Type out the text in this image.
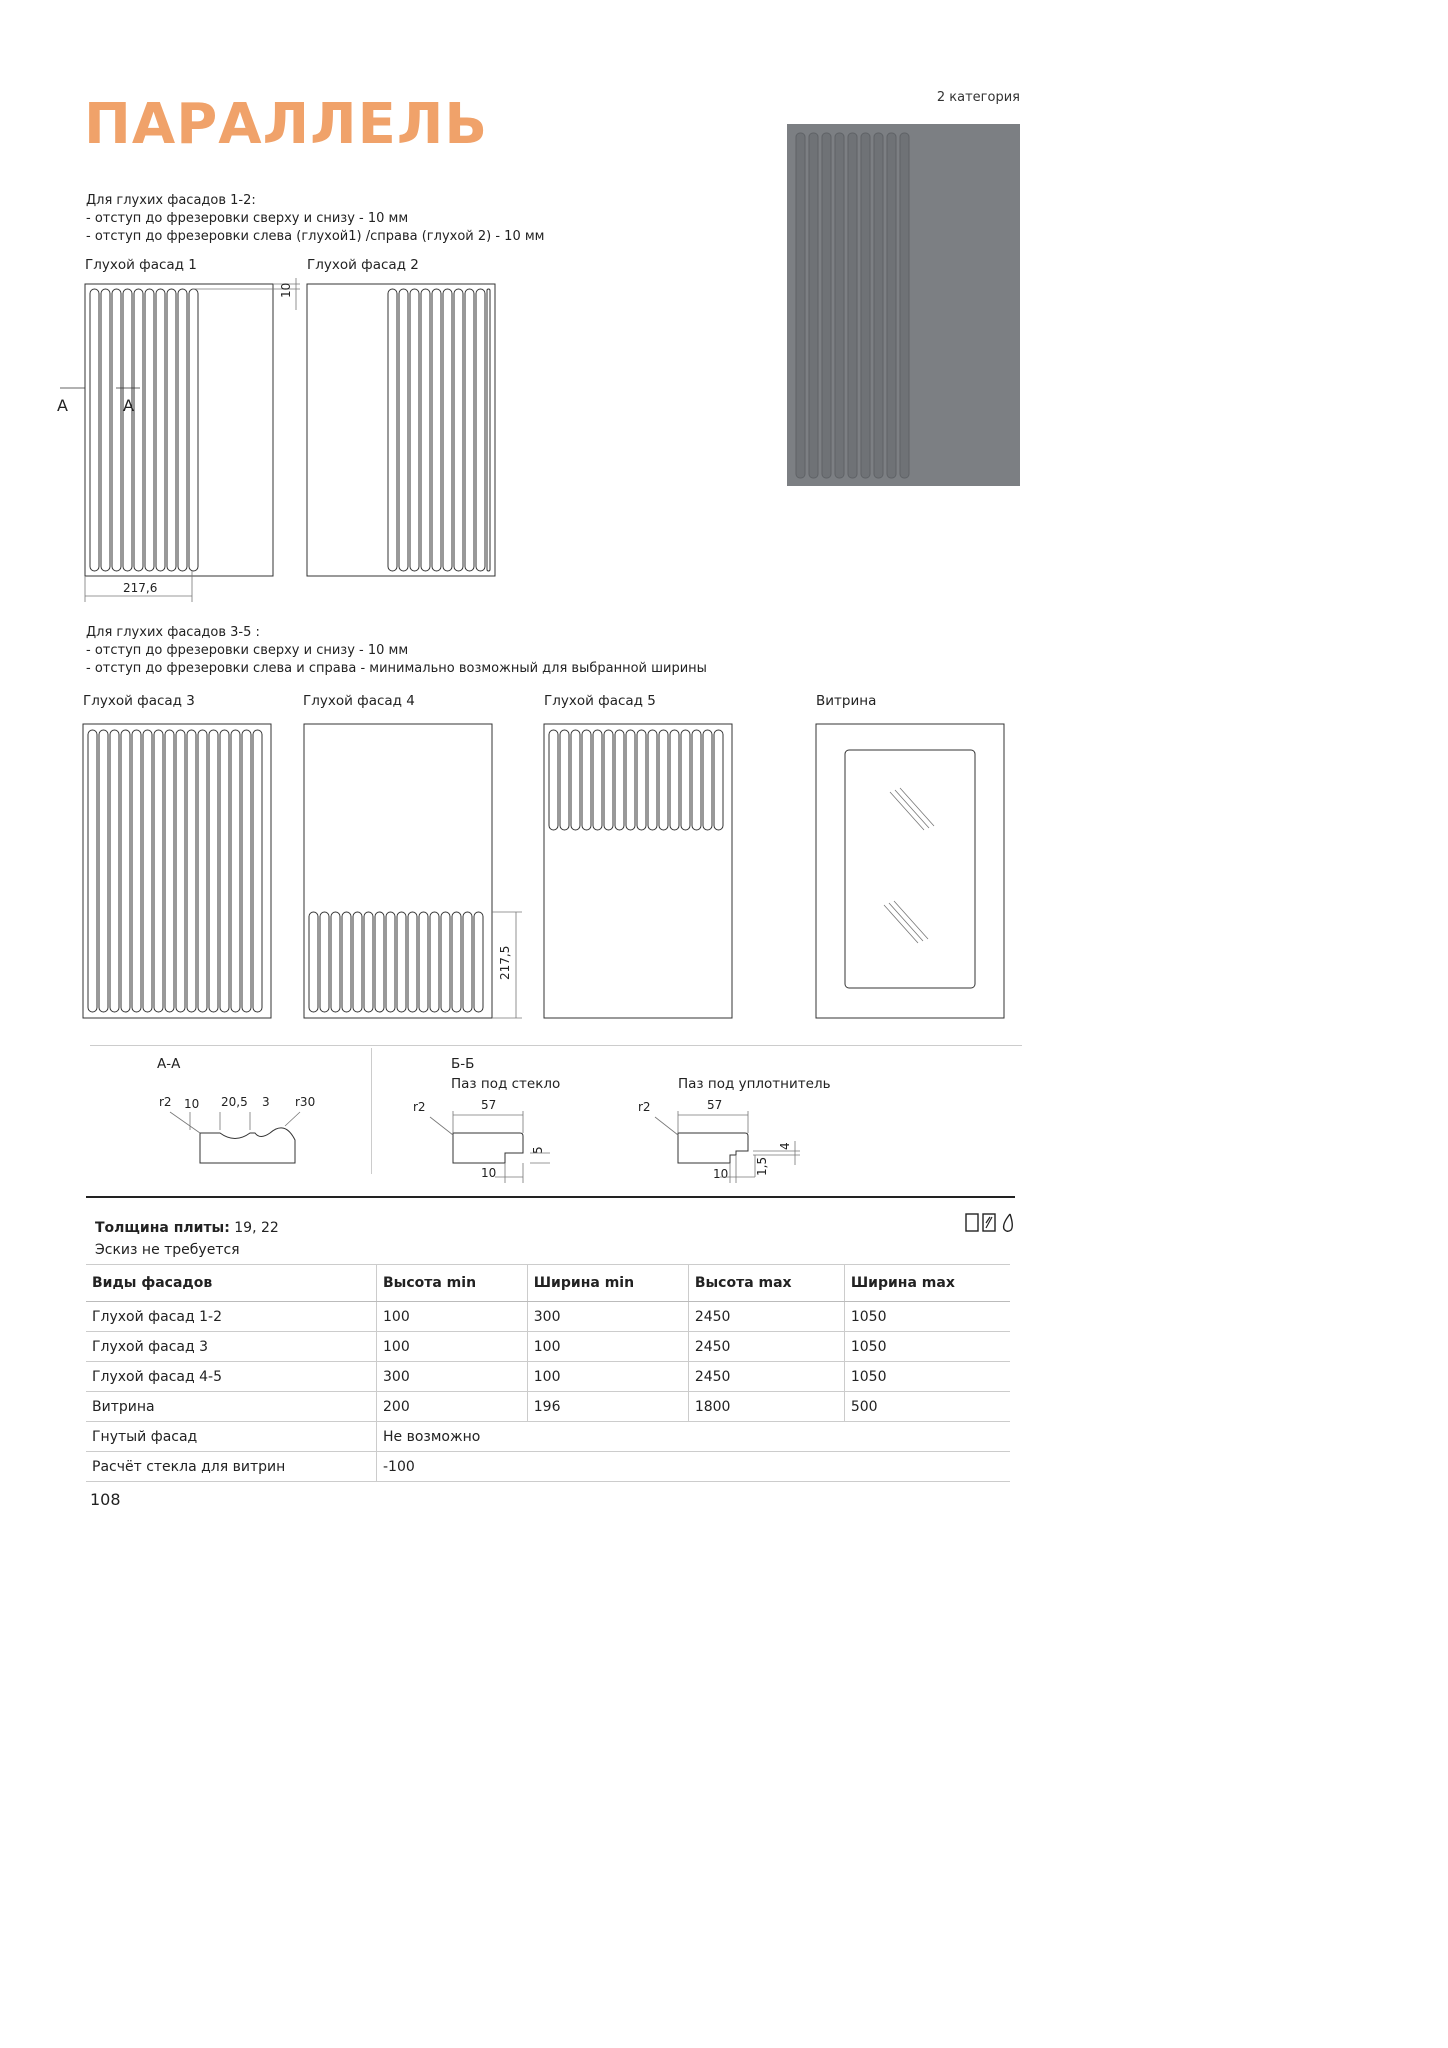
ПАРАЛЛЕЛЬ	2 категория
Для глухих фасадов 1-2:
- отступ до фрезеровки сверху и снизу - 10 мм
- отступ до фрезеровки слева (глухой1) /справа (глухой 2) - 10 мм
Глухой фасад 1	Глухой фасад 2
10
A	A
217,6
Для глухих фасадов 3-5 :
- отступ до фрезеровки сверху и снизу - 10 мм
- отступ до фрезеровки слева и справа - минимально возможный для выбранной ширины
Глухой фасад 3	Глухой фасад 4	Глухой фасад 5	Витрина
217,5
А-А
r2 10 20,5 3 r30
Б-Б
Паз под стекло	Паз под уплотнитель
r2	57
5
10
r2	57
4
1,5
10
Толщина плиты: 19, 22
Эскиз не требуется
Виды фасадов	Высота min	Ширина min	Высота max	Ширина max
Глухой фасад 1-2	100	300	2450	1050
Глухой фасад 3	100	100	2450	1050
Глухой фасад 4-5	300	100	2450	1050
Витрина	200	196	1800	500
Гнутый фасад	Не возможно			
Расчёт стекла для витрин	-100			
108
